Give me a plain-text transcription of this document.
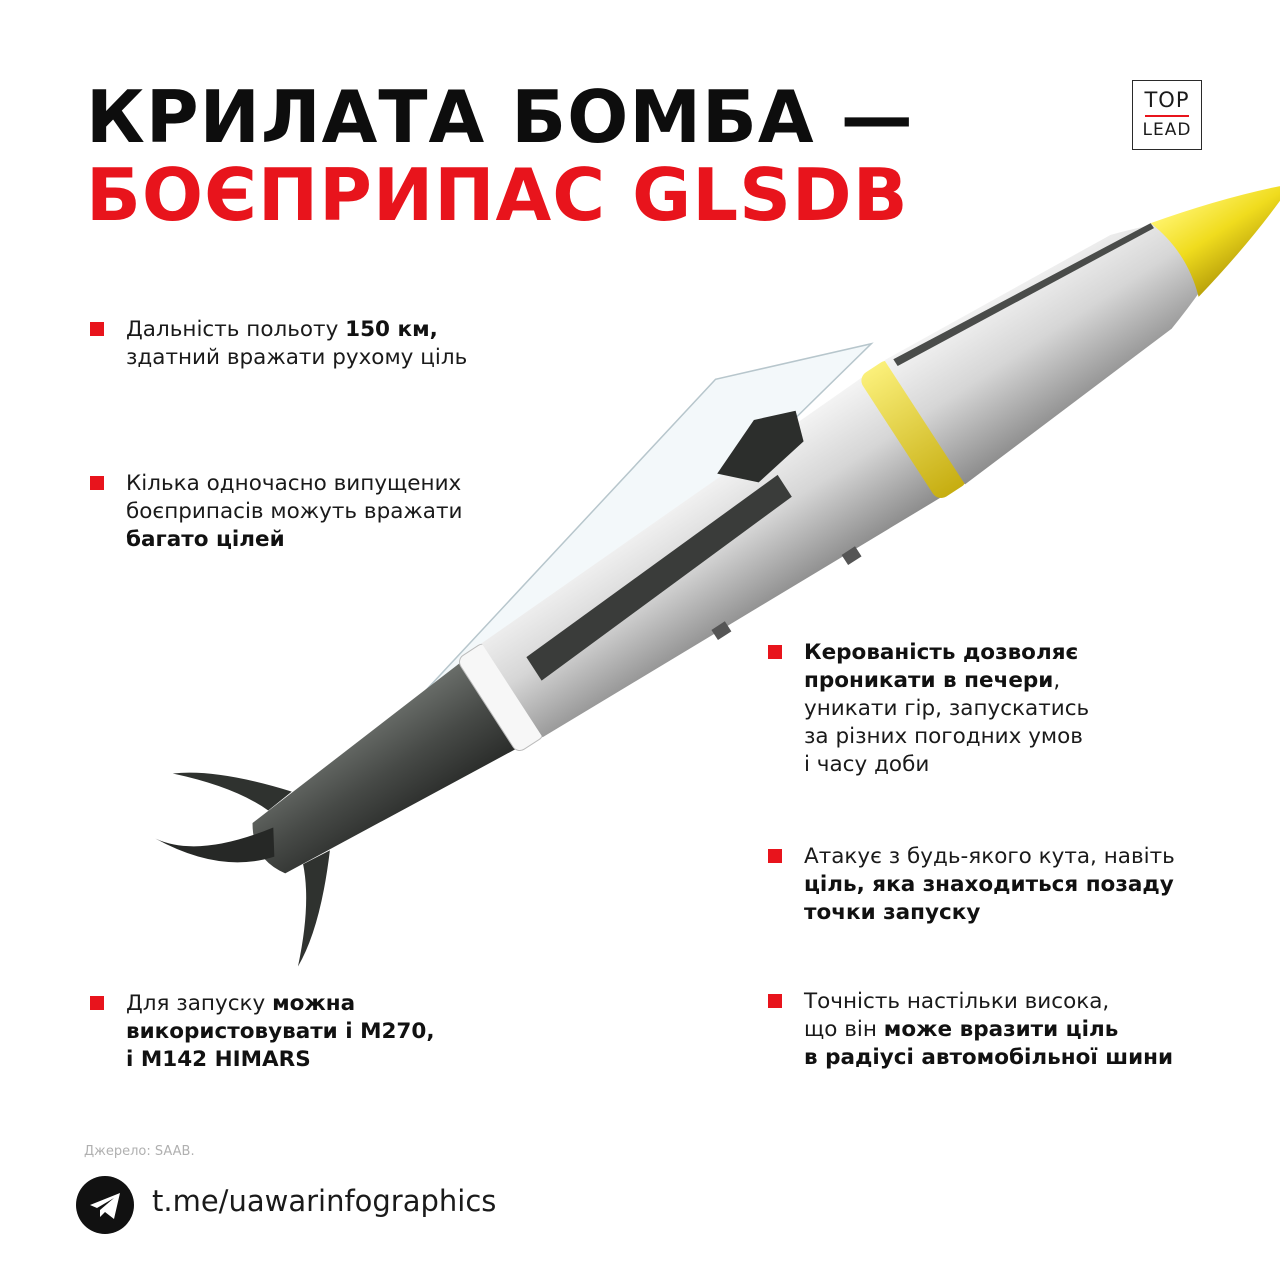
КРИЛАТА БОМБА —
БОЄПРИПАС GLSDB
TOP
LEAD
Дальність польоту 150 км,
здатний вражати рухому ціль
Кілька одночасно випущених
боєприпасів можуть вражати
багато цілей
Керованість дозволяє
проникати в печери,
уникати гір, запускатись
за різних погодних умов
і часу доби
Атакує з будь-якого кута, навіть
ціль, яка знаходиться позаду
точки запуску
Для запуску можна
використовувати і M270,
і M142 HIMARS
Точність настільки висока,
що він може вразити ціль
в радіусі автомобільної шини
Джерело: SAAB.
t.me/uawarinfographics
